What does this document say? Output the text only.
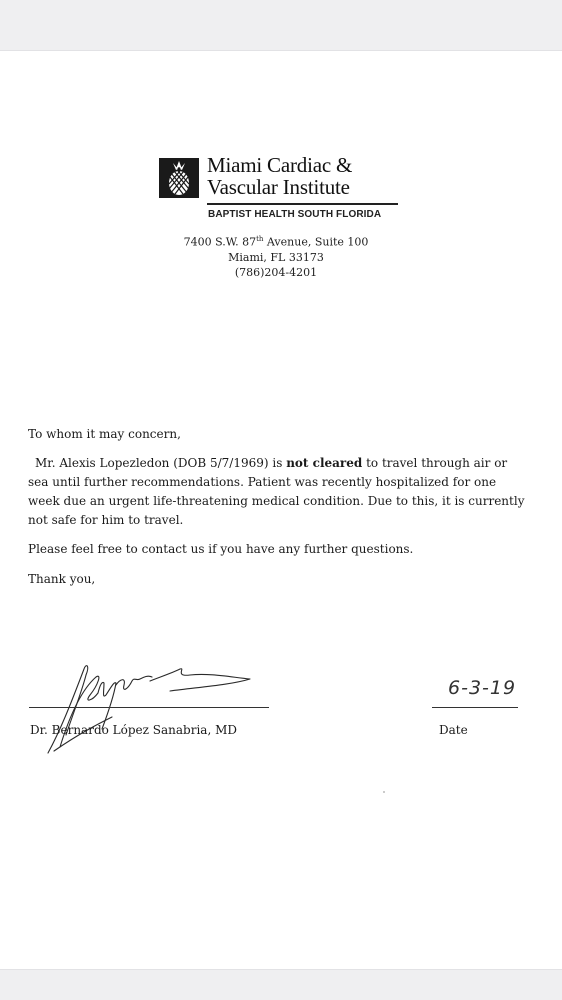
Miami Cardiac &
Vascular Institute
BAPTIST HEALTH SOUTH FLORIDA
7400 S.W. 87th Avenue, Suite 100
Miami, FL 33173
(786)204-4201

To whom it may concern,

Mr. Alexis Lopezledon (DOB 5/7/1969) is not cleared to travel through air or sea until further recommendations. Patient was recently hospitalized for one week due an urgent life-threatening medical condition. Due to this, it is currently not safe for him to travel.

Please feel free to contact us if you have any further questions.

Thank you,

Dr. Bernardo López Sanabria, MD
6-3-19
Date
